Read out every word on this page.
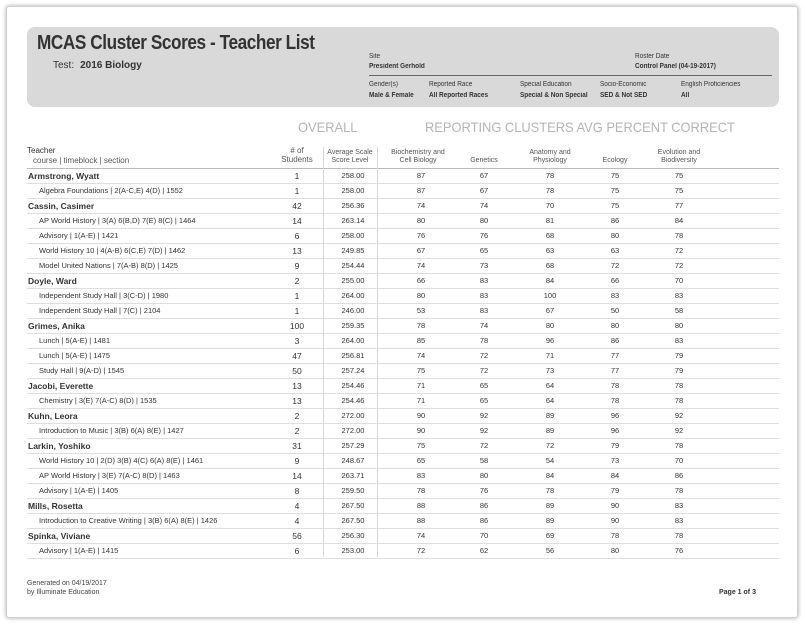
MCAS Cluster Scores - Teacher List
Test: 2016 Biology
Site
President Gerhold
Roster Date
Control Panel (04-19-2017)
Gender(s)
Male & Female
Reported Race
All Reported Races
Special Education
Special & Non Special
Socio-Economic
SED & Not SED
English Proficiencies
All
OVERALL	REPORTING CLUSTERS AVG PERCENT CORRECT
Teacher
course | timeblock | section
# of
Students
Average Scale
Score Level
Biochemistry and
Cell Biology	Genetics
Anatomy and
Physiology	Ecology
Evolution and
Biodiversity
Armstrong, Wyatt	1	258.00	87	67	78	75	75
Algebra Foundations | 2(A-C,E) 4(D) | 1552	1	258.00	87	67	78	75	75
Cassin, Casimer	42	256.36	74	74	70	75	77
AP World History | 3(A) 6(B,D) 7(E) 8(C) | 1464	14	263.14	80	80	81	86	84
Advisory | 1(A-E) | 1421	6	258.00	76	76	68	80	78
World History 10 | 4(A-B) 6(C,E) 7(D) | 1462	13	249.85	67	65	63	63	72
Model United Nations | 7(A-B) 8(D) | 1425	9	254.44	74	73	68	72	72
Doyle, Ward	2	255.00	66	83	84	66	70
Independent Study Hall | 3(C-D) | 1980	1	264.00	80	83	100	83	83
Independent Study Hall | 7(C) | 2104	1	246.00	53	83	67	50	58
Grimes, Anika	100	259.35	78	74	80	80	80
Lunch | 5(A-E) | 1481	3	264.00	85	78	96	86	83
Lunch | 5(A-E) | 1475	47	256.81	74	72	71	77	79
Study Hall | 9(A-D) | 1545	50	257.24	75	72	73	77	79
Jacobi, Everette	13	254.46	71	65	64	78	78
Chemistry | 3(E) 7(A-C) 8(D) | 1535	13	254.46	71	65	64	78	78
Kuhn, Leora	2	272.00	90	92	89	96	92
Introduction to Music | 3(B) 6(A) 8(E) | 1427	2	272.00	90	92	89	96	92
Larkin, Yoshiko	31	257.29	75	72	72	79	78
World History 10 | 2(D) 3(B) 4(C) 6(A) 8(E) | 1461	9	248.67	65	58	54	73	70
AP World History | 3(E) 7(A-C) 8(D) | 1463	14	263.71	83	80	84	84	86
Advisory | 1(A-E) | 1405	8	259.50	78	76	78	79	78
Mills, Rosetta	4	267.50	88	86	89	90	83
Introduction to Creative Writing | 3(B) 6(A) 8(E) | 1426	4	267.50	88	86	89	90	83
Spinka, Viviane	56	256.30	74	70	69	78	78
Advisory | 1(A-E) | 1415	6	253.00	72	62	56	80	76
Generated on 04/19/2017
by Illuminate Education	Page 1 of 3
